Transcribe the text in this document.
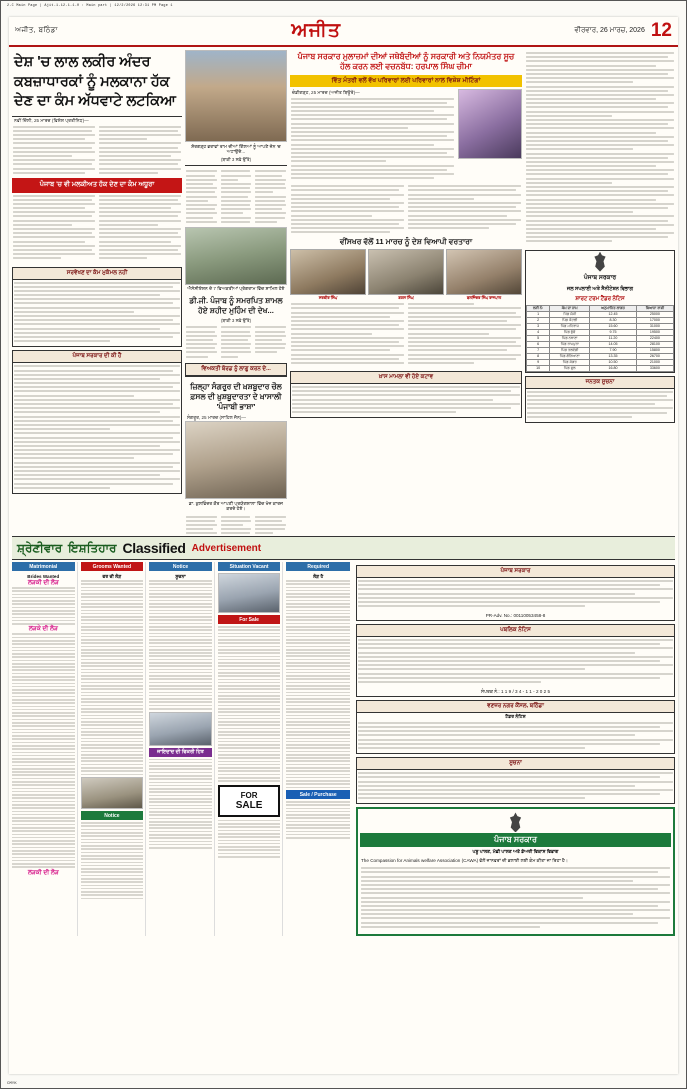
2-C Main Page | Ajit-1-12-1-1-0 : Main part | 12/2/2026 12:31 PM Page 1
ਅਜੀਤ, ਬਠਿੰਡਾ	ਅਜੀਤ	ਵੀਰਵਾਰ, 26 ਮਾਰਚ, 2026 12
ਦੇਸ਼ 'ਚ ਲਾਲ ਲਕੀਰ ਅੰਦਰ ਕਬਜ਼ਾਧਾਰਕਾਂ ਨੂੰ ਮਲਕਾਨਾ ਹੱਕ ਦੇਣ ਦਾ ਕੰਮ ਅੱਧਵਾਟੇ ਲਟਕਿਆ
ਨਵੀਂ ਦਿੱਲੀ, 25 ਮਾਰਚ (ਵਿਸ਼ੇਸ਼ ਪ੍ਰਤੀਨਿਧ)—
ਪੰਜਾਬ 'ਚ ਵੀ ਮਲਕੀਅਤ ਹੱਕ ਦੇਣ ਦਾ ਕੰਮ ਅਧੂਰਾ
ਸਰਵੇਖਣ ਦਾ ਕੰਮ ਮੁਕੰਮਲ ਨਹੀਂ
ਪੰਜਾਬ ਸਰਕਾਰ ਦੀ ਕੀ ਹੈ
ਸ਼ੇਰਗੜ੍ਹ ਭਰਾਵਾਂ ਰਾਮ ਦੀਆਂ ਗਿੱਲਆਂ ਨੂੰ ਆਪਣੇ ਜ਼ੋਨ 'ਚ ਅਟਾਉਂਦੇ...
(ਬਾਕੀ 3 ਸਫ਼ੇ ਉੱਤੇ)
ਐਸੋਸੀਏਸ਼ਨ ਦੇ 7 ਵਿਅਕਤੀਆਂ ਪ੍ਰੋਗਰਾਮ ਵਿੱਚ ਸ਼ਾਮਿਲ ਹੋਏ
ਡੀ.ਜੀ. ਪੰਜਾਬ ਨੂੰ ਸਮਰਪਿਤ ਸ਼ਾਮਲ ਹੋਏ ਸ਼ਹੀਦ ਮੁਹਿੰਮ ਦੀ ਦੇਖ...
(ਬਾਕੀ 3 ਸਫ਼ੇ ਉੱਤੇ)
ਵਿਅਕਤੀ ਬੋਰਡ ਨੂੰ ਲਾਗੂ ਕਰਨ ਦੇ...
ਜ਼ਿਲ੍ਹਾ ਸੰਗਰੂਰ ਦੀ ਖ਼ਸ਼ਬੂਦਾਰ ਚੌਲ ਫ਼ਸਲ ਦੀ ਖ਼ੁਸ਼ਬੂਦਾਰਤਾ ਦੇ ਖ਼ਾਸਾਲੀ 'ਪੰਜਾਬੀ ਭਾਸ਼ਾ'
ਸੰਗਰੂਰ, 25 ਮਾਰਚ (ਸਾਹਿਲ ਜੈਨ)—
ਡਾ. ਕੁਲਵਿੰਦਰ ਕੌਰ ਆਪਣੀ ਪ੍ਰਯੋਗਸ਼ਾਲਾ ਵਿੱਚ ਖੋਜ ਕਾਰਜ ਕਰਦੇ ਹੋਏ।
ਪੰਜਾਬ ਸਰਕਾਰ ਮੁਲਾਜ਼ਮਾਂ ਦੀਆਂ ਜਥੇਬੰਦੀਆਂ ਨੂੰ ਸਰਕਾਰੀ ਅਤੇ ਨਿਯਮੰਤਰ ਸੂਚ ਹੱਲ ਕਰਨ ਲਈ ਵਚਨਬੱਧ: ਹਰਪਾਲ ਸਿੰਘ ਚੀਮਾ
ਵਿੱਤ ਮੰਤਰੀ ਵਲੋਂ ਵੱਖ ਪਰਿਵਾਰਾਂ ਲਈ ਪਰਿਵਾਰਾਂ ਨਾਲ ਵਿਸ਼ੇਸ਼ ਮੀਟਿੰਗਾਂ
ਚੰਡੀਗੜ੍ਹ, 25 ਮਾਰਚ (ਅਜੀਤ ਬਿਊਰੋ)—
ਵੀਂਸਖਰ ਵੱਲੋਂ 11 ਮਾਰਚ ਨੂੰ ਦੇਸ਼ ਵਿਆਪੀ ਵਰਤਾਰਾ
ਸਤਵੀਰ ਸਿੰਘ	ਗਗਨ ਸਿੰਘ	ਬਲਜਿੰਦਰ ਸਿੰਘ ਰਾਜਪਾਲ
ਖ਼ਾਸ ਮਾਮਲਾ ਵੀ ਹੋਏ ਕਟਾਵ
ਪੰਜਾਬ ਸਰਕਾਰ
ਜਲ ਸਪਲਾਈ ਅਤੇ ਸੈਨੀਟੇਸ਼ਨ ਵਿਭਾਗ
ਸ਼ਾਰਟ ਟਰਮ ਟੈਂਡਰ ਨੋਟਿਸ
ਲੜੀ ਨੰ:	ਕੰਮ ਦਾ ਨਾਮ	ਅਨੁਮਾਨਿਤ ਲਾਗਤ	ਬਿਆਨਾ ਰਾਸ਼ੀ
1	ਪਿੰਡ ਜੱਸੀ	12.45	25000
2	ਪਿੰਡ ਕੋਟਲੀ	8.30	17000
3	ਪਿੰਡ ਮਹਿਰਾਜ	15.60	31000
4	ਪਿੰਡ ਭੁੱਚੋ	9.75	19500
5	ਪਿੰਡ ਨਥਾਣਾ	11.20	22400
6	ਪਿੰਡ ਰਾਮਪੁਰਾ	14.05	28100
7	ਪਿੰਡ ਤਲਵੰਡੀ	7.90	15800
8	ਪਿੰਡ ਗੋਨਿਆਣਾ	13.35	26700
9	ਪਿੰਡ ਸੰਗਤ	10.50	21000
10	ਪਿੰਡ ਫੂਲ	16.80	33600
ਜਨਤਕ ਸੂਚਨਾ
ਸ਼੍ਰੇਣੀਵਾਰ ਇਸ਼ਤਿਹਾਰ Classified Advertisement
Matrimonial
Brides Wanted
ਲੜਕੀ ਦੀ ਲੋੜ
ਲੜਕੇ ਦੀ ਲੋੜ
ਲੜਕੀ ਦੀ ਲੋੜ
Grooms Wanted
ਵਰ ਦੀ ਲੋੜ
Notice
Notice
ਸੂਚਨਾ
ਜਾਇਦਾਦ ਦੀ ਵਿਕਰੀ ਹਿਤ
Situation Vacant
For Sale
FOR
SALE
Required
ਲੋੜ ਹੈ
Sale / Purchase
ਪੰਜਾਬ ਸਰਕਾਰ
PR-Adv. No.: 00110053458-8
ਪਬਲਿਕ ਨੋਟਿਸ
ਸੰਪਰਕ ਨੰ.: 1 1 9 / 3 4 - 1 1 - 2 0 2 5
ਵਣਜ਼ਰ ਨਗਰ ਕੌਂਸਲ, ਬਠਿੰਡਾ
ਟੈਂਡਰ ਨੋਟਿਸ
ਸੂਚਨਾ
ਪੰਜਾਬ ਸਰਕਾਰ
ਪਸ਼ੂ ਪਾਲਣ, ਮੱਛੀ ਪਾਲਣ ਅਤੇ ਡੇਅਰੀ ਵਿਕਾਸ ਵਿਭਾਗ
The Compassion for Animals welfare Association (CAWA) ਵੱਲੋਂ ਜਾਨਵਰਾਂ ਦੀ ਭਲਾਈ ਲਈ ਕੰਮ ਕੀਤਾ ਜਾ ਰਿਹਾ ਹੈ।
CMYK
